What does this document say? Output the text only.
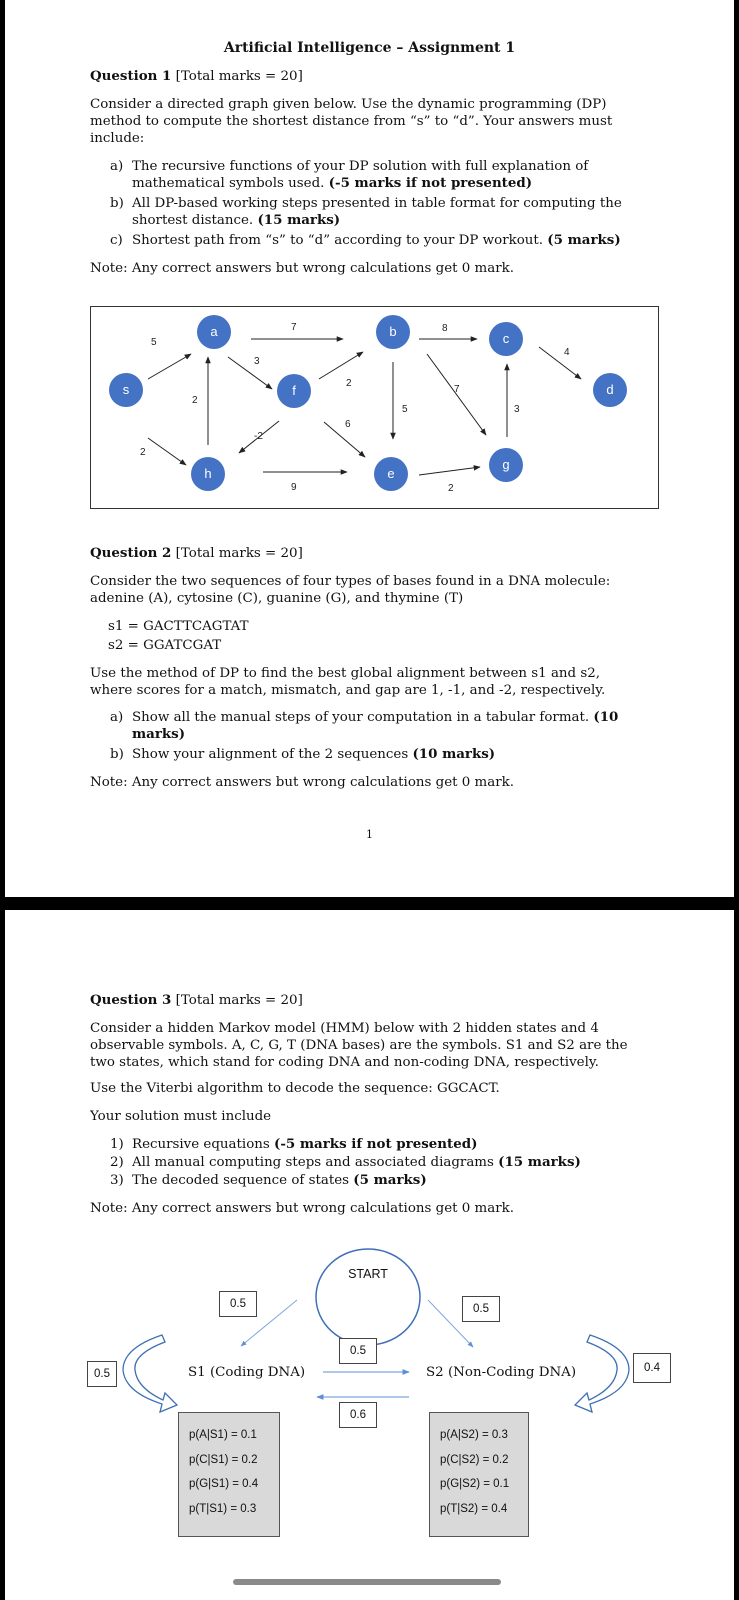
Artificial Intelligence – Assignment 1
Question 1 [Total marks = 20]
Consider a directed graph given below. Use the dynamic programming (DP)
method to compute the shortest distance from “s” to “d”. Your answers must
include:
a) The recursive functions of your DP solution with full explanation of
mathematical symbols used. (-5 marks if not presented)
b) All DP-based working steps presented in table format for computing the
shortest distance. (15 marks)
c) Shortest path from “s” to “d” according to your DP workout. (5 marks)
Note: Any correct answers but wrong calculations get 0 mark.
s
a
h
f
b
e
c
g
d
5
2
2
3
7
-2
9
2
6
5
8
7
2
3
4
Question 2 [Total marks = 20]
Consider the two sequences of four types of bases found in a DNA molecule:
adenine (A), cytosine (C), guanine (G), and thymine (T)
s1 = GACTTCAGTAT
s2 = GGATCGAT
Use the method of DP to find the best global alignment between s1 and s2,
where scores for a match, mismatch, and gap are 1, -1, and -2, respectively.
a) Show all the manual steps of your computation in a tabular format. (10
marks)
b) Show your alignment of the 2 sequences (10 marks)
Note: Any correct answers but wrong calculations get 0 mark.
1
Question 3 [Total marks = 20]
Consider a hidden Markov model (HMM) below with 2 hidden states and 4
observable symbols. A, C, G, T (DNA bases) are the symbols. S1 and S2 are the
two states, which stand for coding DNA and non-coding DNA, respectively.
Use the Viterbi algorithm to decode the sequence: GGCACT.
Your solution must include
1) Recursive equations (-5 marks if not presented)
2) All manual computing steps and associated diagrams (15 marks)
3) The decoded sequence of states (5 marks)
Note: Any correct answers but wrong calculations get 0 mark.
START
0.5	0.5
0.5	0.4
0.5
0.6
S1 (Coding DNA)	S2 (Non-Coding DNA)
p(A|S1) = 0.1
p(C|S1) = 0.2
p(G|S1) = 0.4
p(T|S1) = 0.3
p(A|S2) = 0.3
p(C|S2) = 0.2
p(G|S2) = 0.1
p(T|S2) = 0.4
